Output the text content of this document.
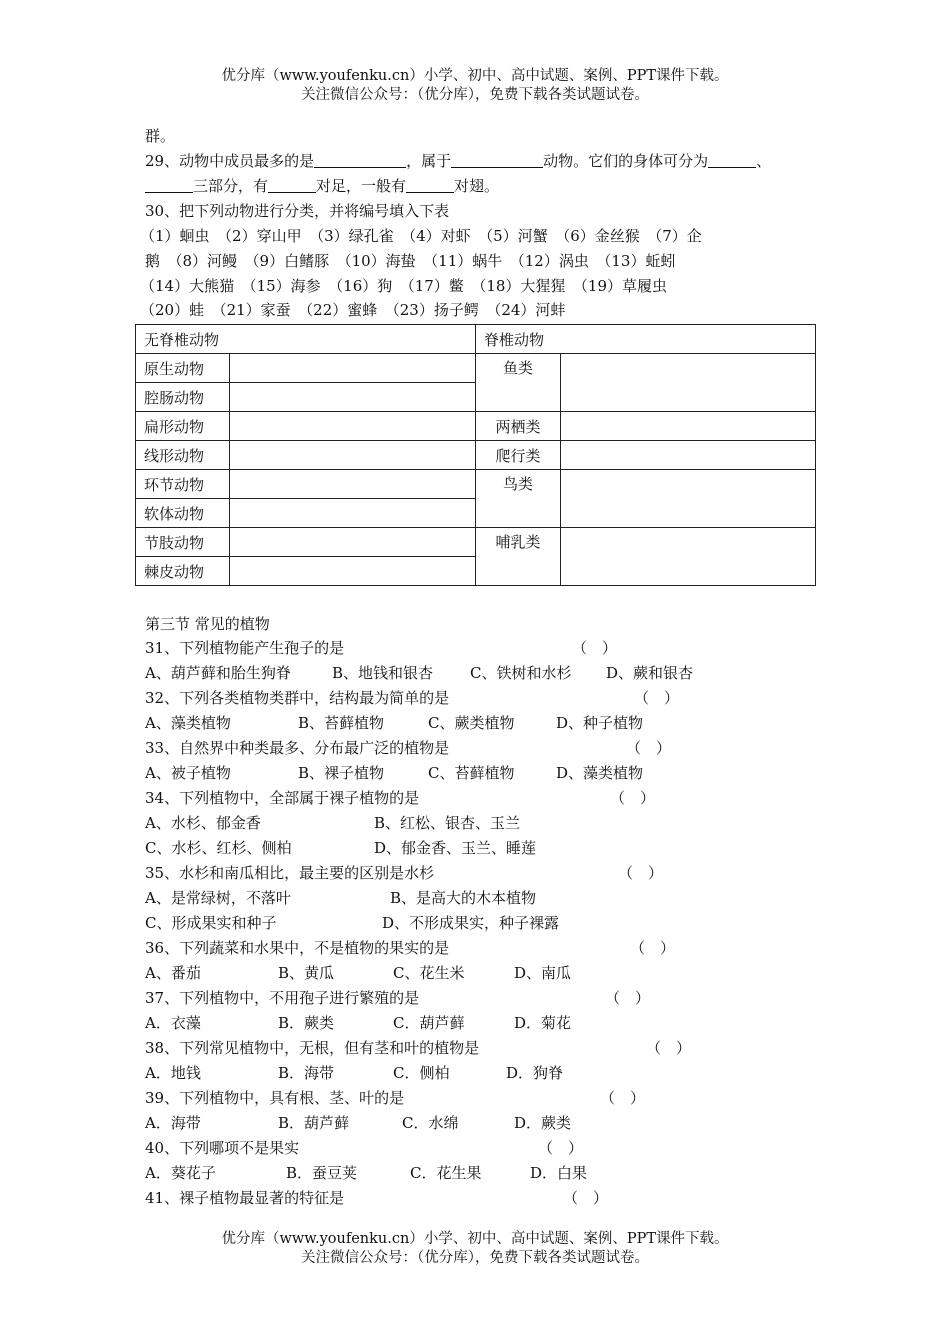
优分库（www.youfenku.cn）小学、初中、高中试题、案例、PPT课件下载。
关注微信公众号：（优分库），免费下载各类试题试卷。
群。
29、动物中成员最多的是	，属于	动物。它们的身体可分为	、
三部分，有	对足，一般有	对翅。
30、把下列动物进行分类，并将编号填入下表
（1）蛔虫　（2）穿山甲　（3）绿孔雀　（4）对虾　（5）河蟹　（6）金丝猴　（7）企
鹅　（8）河鳗　（9）白鳍豚　（10）海蛰　（11）蜗牛　（12）涡虫　（13）蚯蚓
（14）大熊猫　（15）海参　（16）狗　（17）鳖　（18）大猩猩　（19）草履虫
（20）蛙　（21）家蚕　（22）蜜蜂　（23）扬子鳄　（24）河蚌
无脊椎动物		脊椎动物	
原生动物		鱼类	
腔肠动物			
扁形动物		两栖类	
线形动物		爬行类	
环节动物		鸟类	
软体动物			
节肢动物		哺乳类	
棘皮动物			
第三节 常见的植物
31、下列植物能产生孢子的是	（　）
A、葫芦藓和胎生狗脊	B、地钱和银杏 C、铁树和水杉 D、蕨和银杏
32、下列各类植物类群中，结构最为简单的是	（　）
A、藻类植物	B、苔藓植物	C、蕨类植物	D、种子植物
33、自然界中种类最多、分布最广泛的植物是	（　）
A、被子植物	B、裸子植物	C、苔藓植物	D、藻类植物
34、下列植物中，全部属于裸子植物的是	（　）
A、水杉、郁金香	B、红松、银杏、玉兰
C、水杉、红杉、侧柏	D、郁金香、玉兰、睡莲
35、水杉和南瓜相比，最主要的区别是水杉	（　）
A、是常绿树，不落叶	B、是高大的木本植物
C、形成果实和种子	D、不形成果实，种子裸露
36、下列蔬菜和水果中，不是植物的果实的是	（　）
A、番茄	B、黄瓜	C、花生米	D、南瓜
37、下列植物中，不用孢子进行繁殖的是	（　）
A．衣藻	B．蕨类	C．葫芦藓	D．菊花
38、下列常见植物中，无根，但有茎和叶的植物是	（　）
A．地钱	B．海带	C．侧柏	D．狗脊
39、下列植物中，具有根、茎、叶的是	（　）
A．海带	B．葫芦藓	C．水绵	D．蕨类
40、下列哪项不是果实	（　）
A．葵花子	B．蚕豆荚	C．花生果	D．白果
41、裸子植物最显著的特征是	（　）
优分库（www.youfenku.cn）小学、初中、高中试题、案例、PPT课件下载。
关注微信公众号：（优分库），免费下载各类试题试卷。
